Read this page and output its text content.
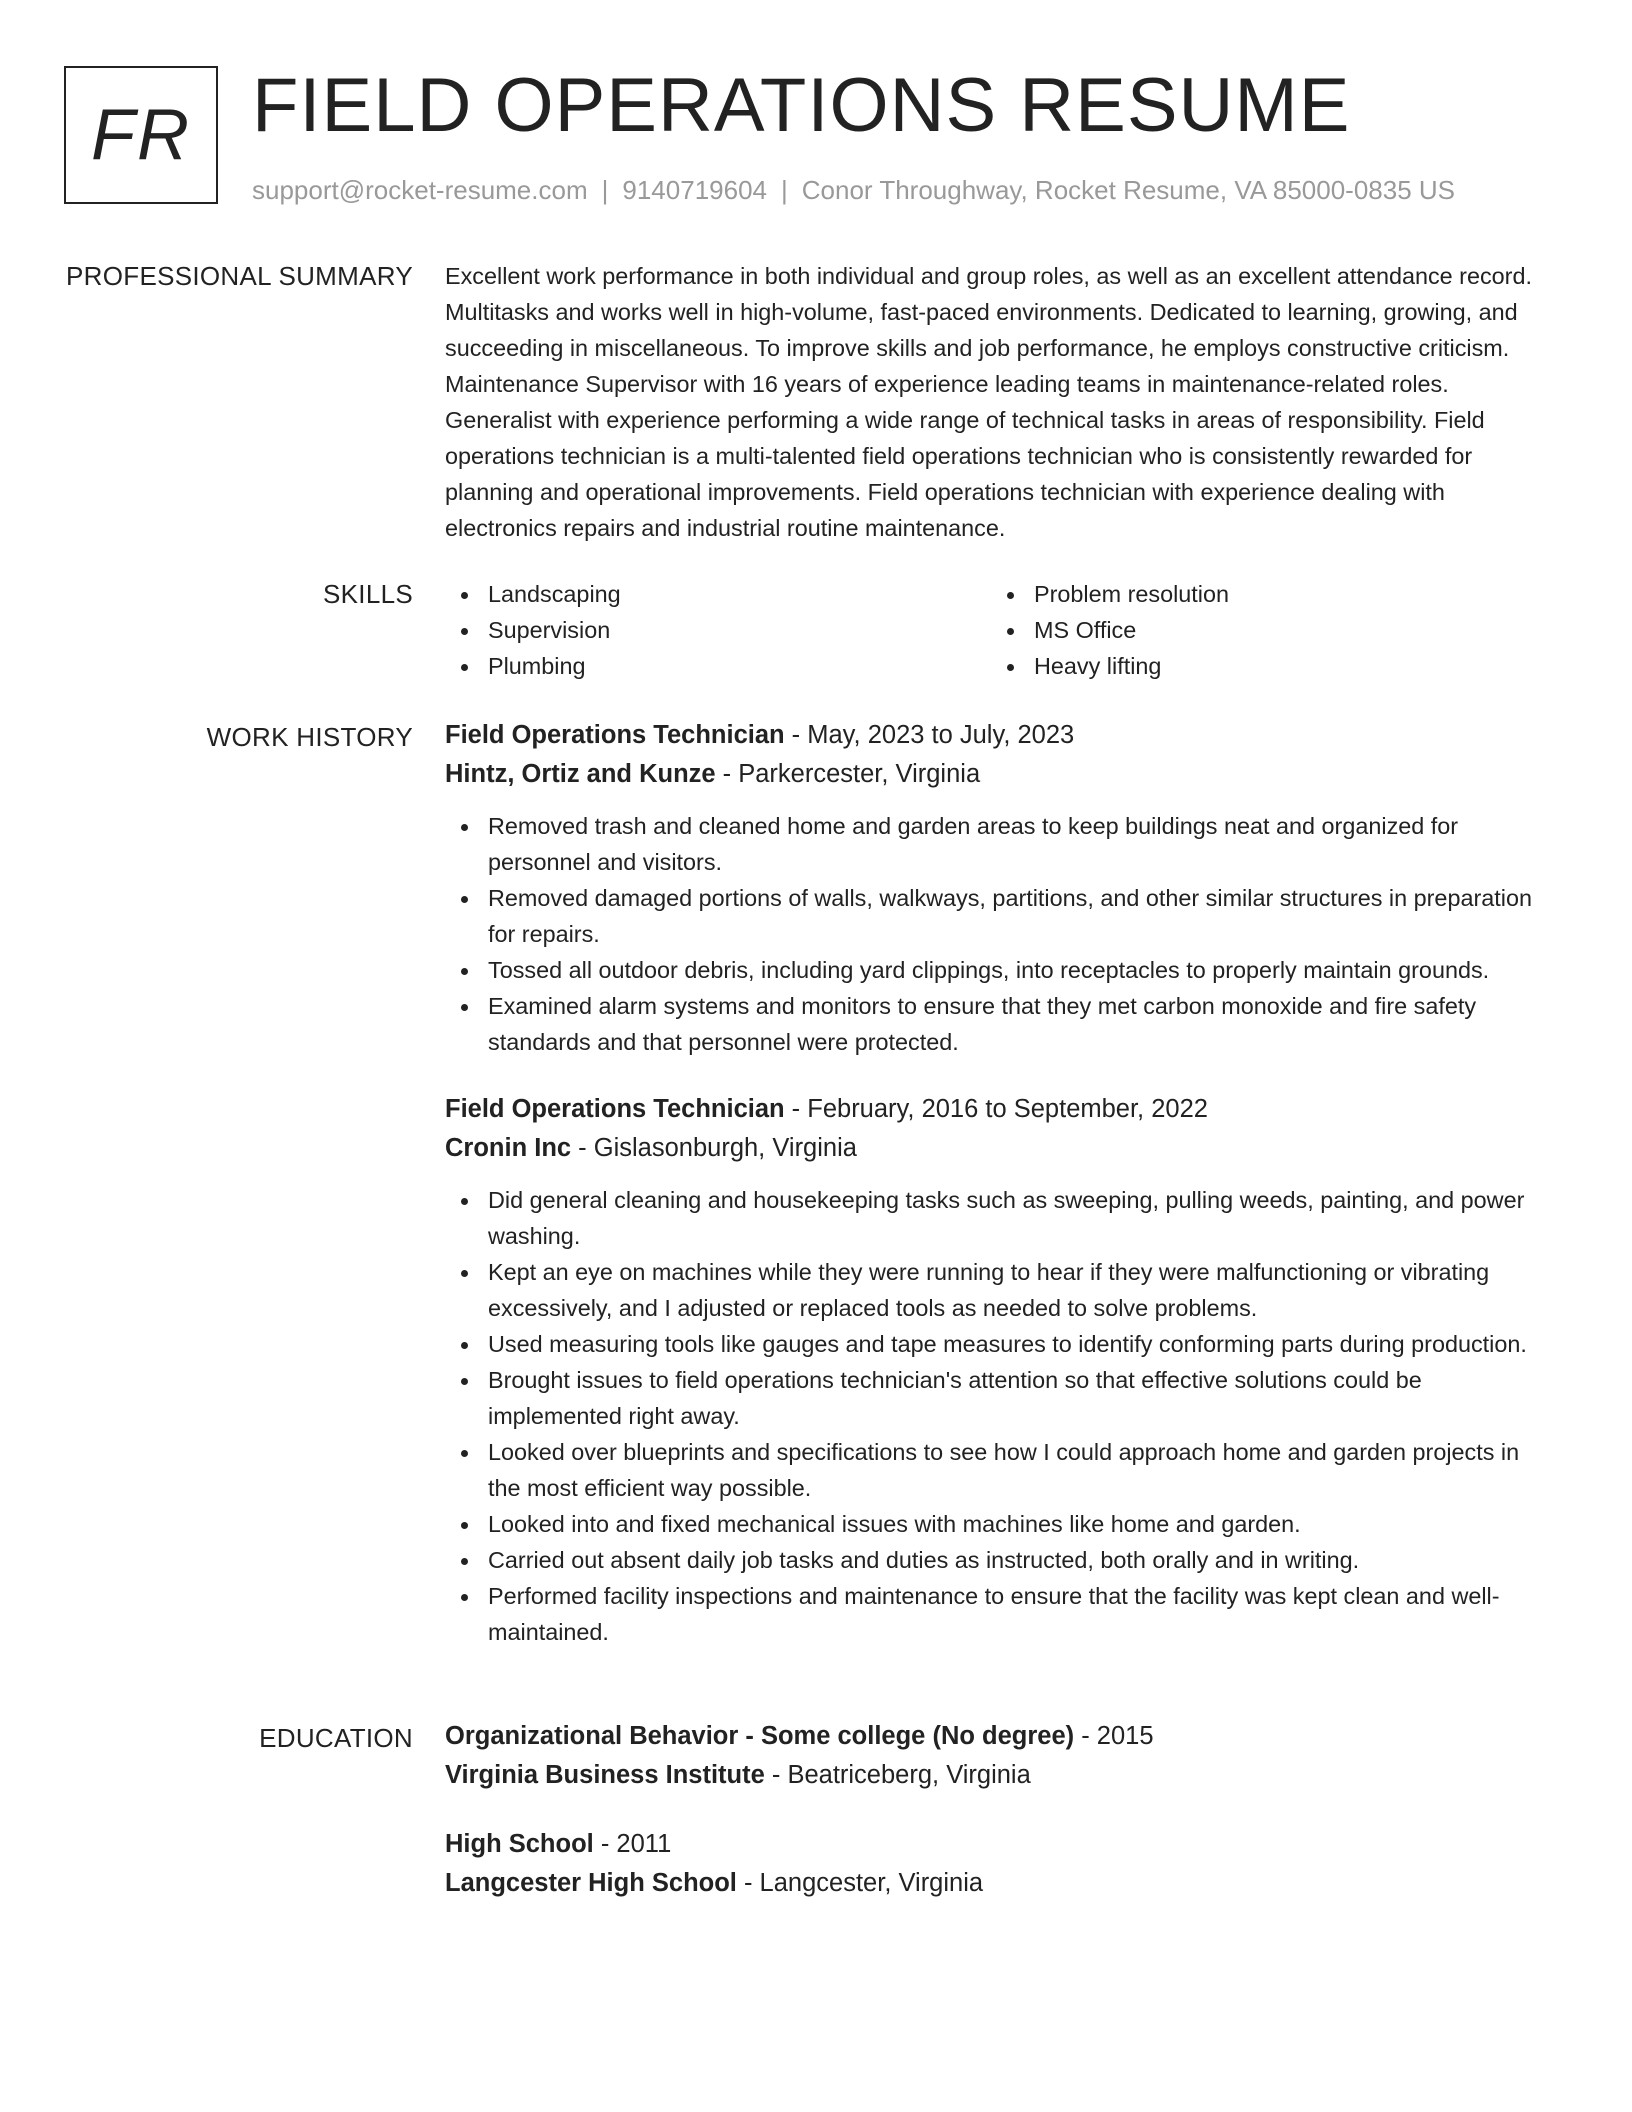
FR FIELD OPERATIONS RESUME
support@rocket-resume.com | 9140719604 | Conor Throughway, Rocket Resume, VA 85000-0835 US
PROFESSIONAL SUMMARY Excellent work performance in both individual and group roles, as well as an excellent attendance record. Multitasks and works well in high-volume, fast-paced environments. Dedicated to learning, growing, and succeeding in miscellaneous. To improve skills and job performance, he employs constructive criticism. Maintenance Supervisor with 16 years of experience leading teams in maintenance-related roles. Generalist with experience performing a wide range of technical tasks in areas of responsibility. Field operations technician is a multi-talented field operations technician who is consistently rewarded for planning and operational improvements. Field operations technician with experience dealing with electronics repairs and industrial routine maintenance.

SKILLS	Landscaping	Problem resolution
Supervision	MS Office
Plumbing	Heavy lifting
WORK HISTORY Field Operations Technician - May, 2023 to July, 2023
Hintz, Ortiz and Kunze - Parkercester, Virginia
Removed trash and cleaned home and garden areas to keep buildings neat and organized for personnel and visitors.
Removed damaged portions of walls, walkways, partitions, and other similar structures in preparation for repairs.
Tossed all outdoor debris, including yard clippings, into receptacles to properly maintain grounds.
Examined alarm systems and monitors to ensure that they met carbon monoxide and fire safety standards and that personnel were protected.
Field Operations Technician - February, 2016 to September, 2022
Cronin Inc - Gislasonburgh, Virginia
Did general cleaning and housekeeping tasks such as sweeping, pulling weeds, painting, and power washing.
Kept an eye on machines while they were running to hear if they were malfunctioning or vibrating excessively, and I adjusted or replaced tools as needed to solve problems.
Used measuring tools like gauges and tape measures to identify conforming parts during production.
Brought issues to field operations technician's attention so that effective solutions could be implemented right away.
Looked over blueprints and specifications to see how I could approach home and garden projects in the most efficient way possible.
Looked into and fixed mechanical issues with machines like home and garden.
Carried out absent daily job tasks and duties as instructed, both orally and in writing.
Performed facility inspections and maintenance to ensure that the facility was kept clean and well-maintained.
EDUCATION Organizational Behavior - Some college (No degree) - 2015
Virginia Business Institute - Beatriceberg, Virginia
High School - 2011
Langcester High School - Langcester, Virginia
